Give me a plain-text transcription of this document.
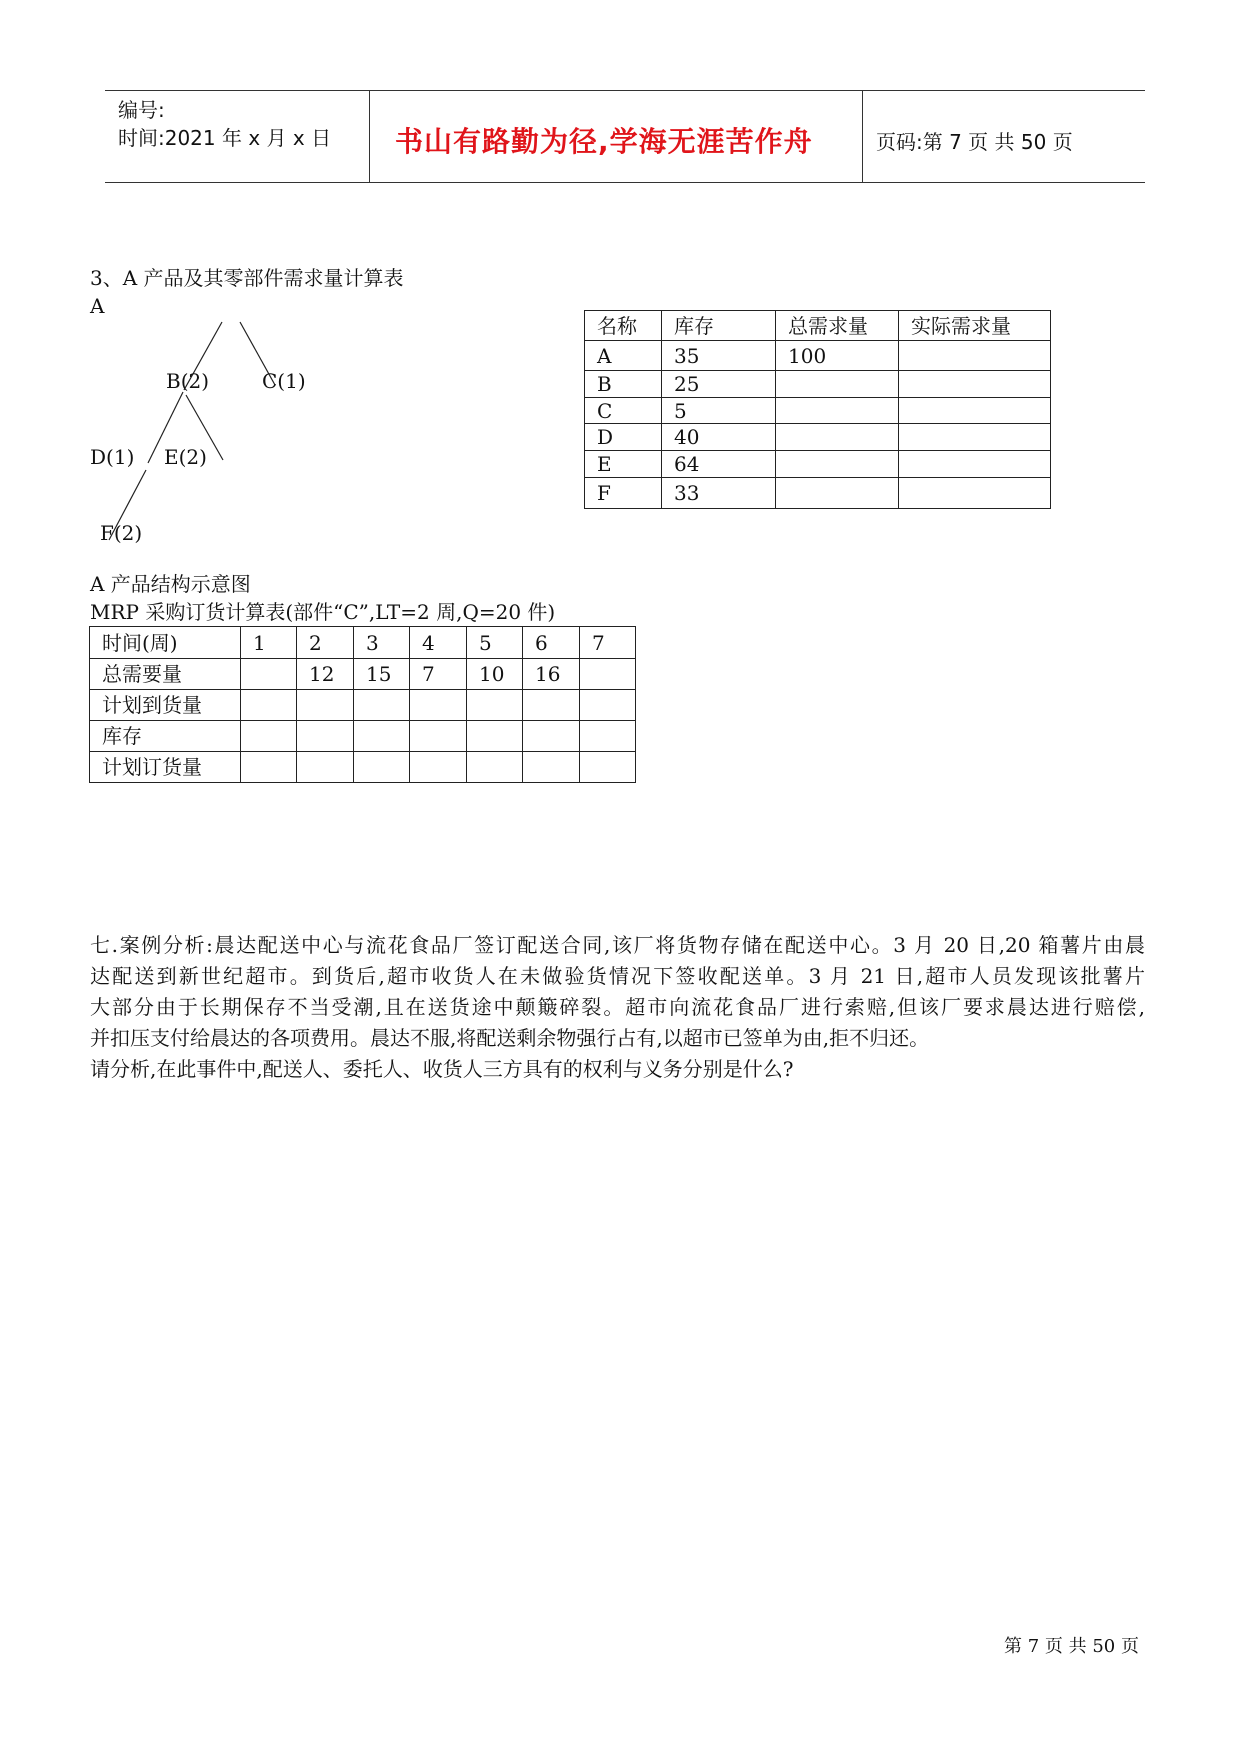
编号:
时间:2021 年 x 月 x 日 书山有路勤为径,学海无涯苦作舟	页码:第 7 页 共 50 页
3、A 产品及其零部件需求量计算表
A
B(2)	C(1)
D(1) E(2)
F(2)
名称	库存	总需求量	实际需求量
A	35	100	
B	25		
C	5		
D	40		
E	64		
F	33		
A 产品结构示意图
MRP 采购订货计算表(部件“C”,LT=2 周,Q=20 件)
时间(周)	1	2	3	4	5	6	7
总需要量		12	15	7	10	16	
计划到货量							
库存							
计划订货量							
七.案例分析:晨达配送中心与流花食品厂签订配送合同,该厂将货物存储在配送中心。3 月 20 日,20 箱薯片由晨
达配送到新世纪超市。到货后,超市收货人在未做验货情况下签收配送单。3 月 21 日,超市人员发现该批薯片
大部分由于长期保存不当受潮,且在送货途中颠簸碎裂。超市向流花食品厂进行索赔,但该厂要求晨达进行赔偿,
并扣压支付给晨达的各项费用。晨达不服,将配送剩余物强行占有,以超市已签单为由,拒不归还。
请分析,在此事件中,配送人、委托人、收货人三方具有的权利与义务分别是什么?
第 7 页 共 50 页
